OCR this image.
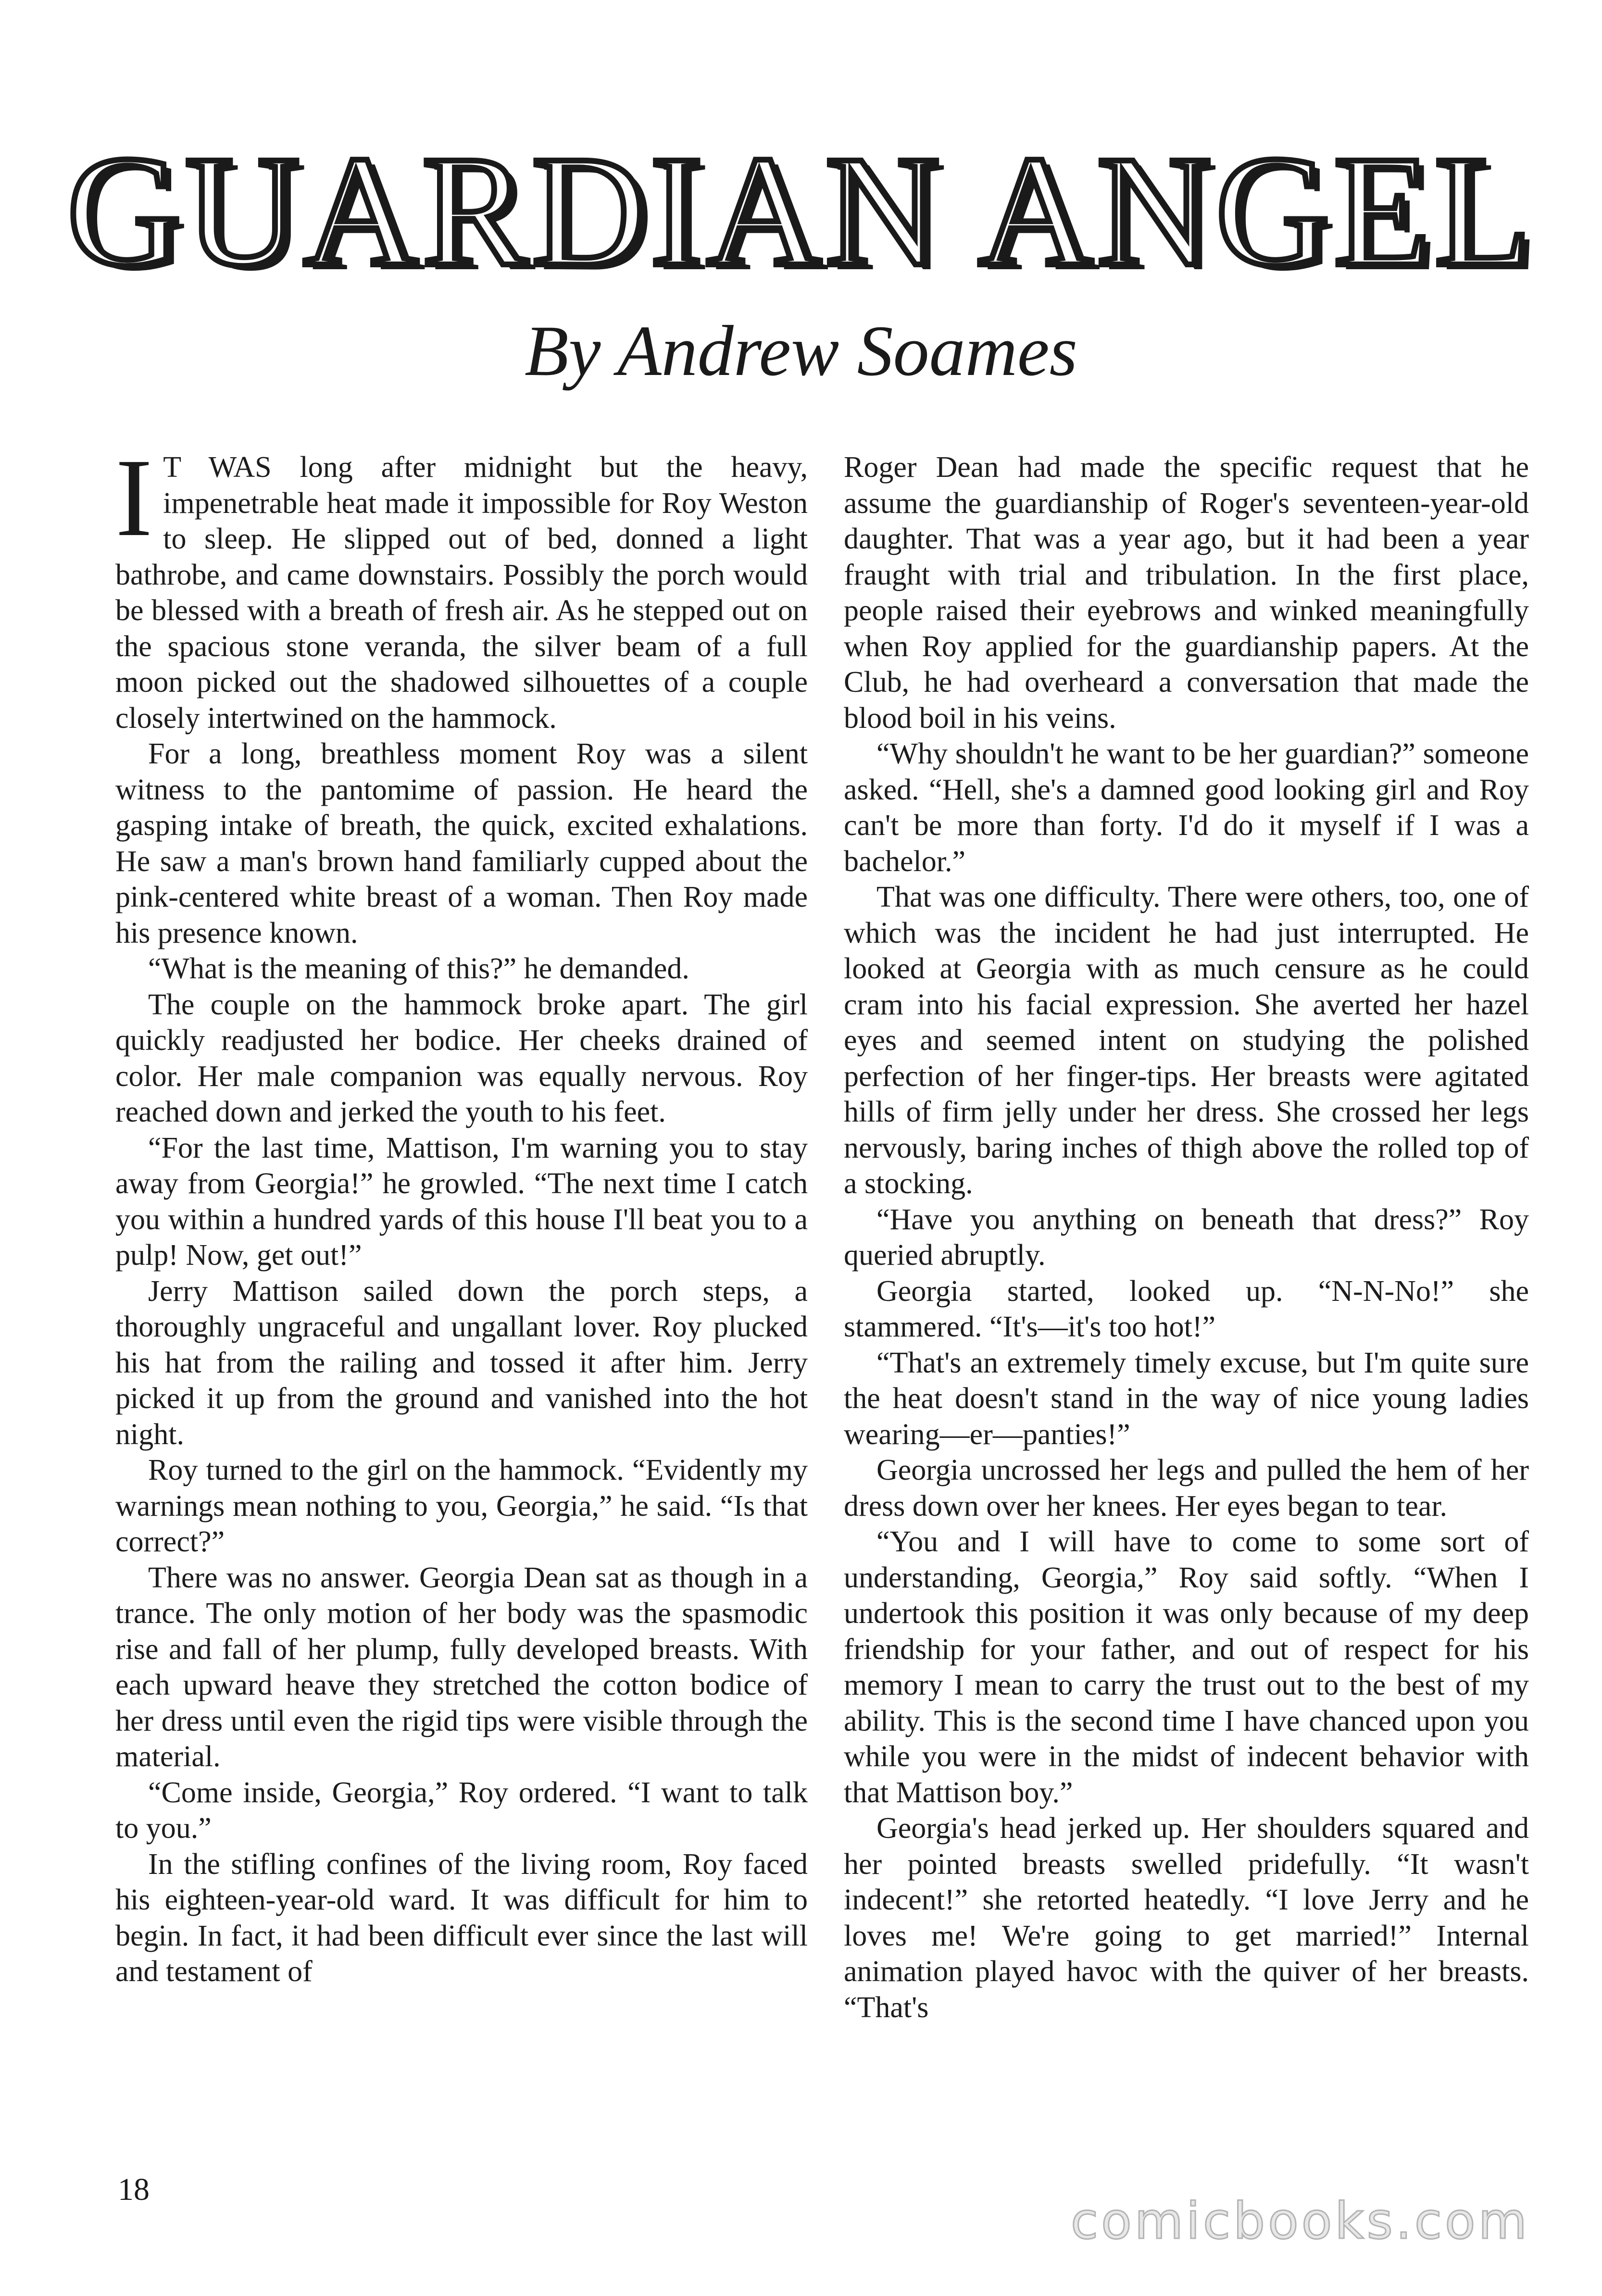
GUARDIAN ANGEL
By Andrew Soames

I T WAS long after midnight but the heavy, impenetrable heat made it impossible for Roy Weston to sleep. He slipped out of bed, donned a light bathrobe, and came downstairs. Possibly the porch would be blessed with a breath of fresh air. As he stepped out on the spacious stone veranda, the silver beam of a full moon picked out the shadowed silhouettes of a couple closely intertwined on the hammock.

For a long, breathless moment Roy was a silent witness to the pantomime of passion. He heard the gasping intake of breath, the quick, excited exhalations. He saw a man's brown hand familiarly cupped about the pink-centered white breast of a woman. Then Roy made his presence known.

“What is the meaning of this?” he demanded.

The couple on the hammock broke apart. The girl quickly readjusted her bodice. Her cheeks drained of color. Her male companion was equally nervous. Roy reached down and jerked the youth to his feet.

“For the last time, Mattison, I'm warning you to stay away from Georgia!” he growled. “The next time I catch you within a hundred yards of this house I'll beat you to a pulp! Now, get out!”

Jerry Mattison sailed down the porch steps, a thoroughly ungraceful and ungallant lover. Roy plucked his hat from the railing and tossed it after him. Jerry picked it up from the ground and vanished into the hot night.

Roy turned to the girl on the hammock. “Evidently my warnings mean nothing to you, Georgia,” he said. “Is that correct?”

There was no answer. Georgia Dean sat as though in a trance. The only motion of her body was the spasmodic rise and fall of her plump, fully developed breasts. With each upward heave they stretched the cotton bodice of her dress until even the rigid tips were visible through the material.

“Come inside, Georgia,” Roy ordered. “I want to talk to you.”

In the stifling confines of the living room, Roy faced his eighteen-year-old ward. It was difficult for him to begin. In fact, it had been difficult ever since the last will and testament of

Roger Dean had made the specific request that he assume the guardianship of Roger's seventeen-year-old daughter. That was a year ago, but it had been a year fraught with trial and tribulation. In the first place, people raised their eyebrows and winked meaningfully when Roy applied for the guardianship papers. At the Club, he had overheard a conversation that made the blood boil in his veins.

“Why shouldn't he want to be her guardian?” someone asked. “Hell, she's a damned good looking girl and Roy can't be more than forty. I'd do it myself if I was a bachelor.”

That was one difficulty. There were others, too, one of which was the incident he had just interrupted. He looked at Georgia with as much censure as he could cram into his facial expression. She averted her hazel eyes and seemed intent on studying the polished perfection of her finger-tips. Her breasts were agitated hills of firm jelly under her dress. She crossed her legs nervously, baring inches of thigh above the rolled top of a stocking.

“Have you anything on beneath that dress?” Roy queried abruptly.

Georgia started, looked up. “N-N-No!” she stammered. “It's—it's too hot!”

“That's an extremely timely excuse, but I'm quite sure the heat doesn't stand in the way of nice young ladies wearing—er—panties!”

Georgia uncrossed her legs and pulled the hem of her dress down over her knees. Her eyes began to tear.

“You and I will have to come to some sort of understanding, Georgia,” Roy said softly. “When I undertook this position it was only because of my deep friendship for your father, and out of respect for his memory I mean to carry the trust out to the best of my ability. This is the second time I have chanced upon you while you were in the midst of indecent behavior with that Mattison boy.”

Georgia's head jerked up. Her shoulders squared and her pointed breasts swelled pridefully. “It wasn't indecent!” she retorted heatedly. “I love Jerry and he loves me! We're going to get married!” Internal animation played havoc with the quiver of her breasts. “That's

18
comicbooks.com
